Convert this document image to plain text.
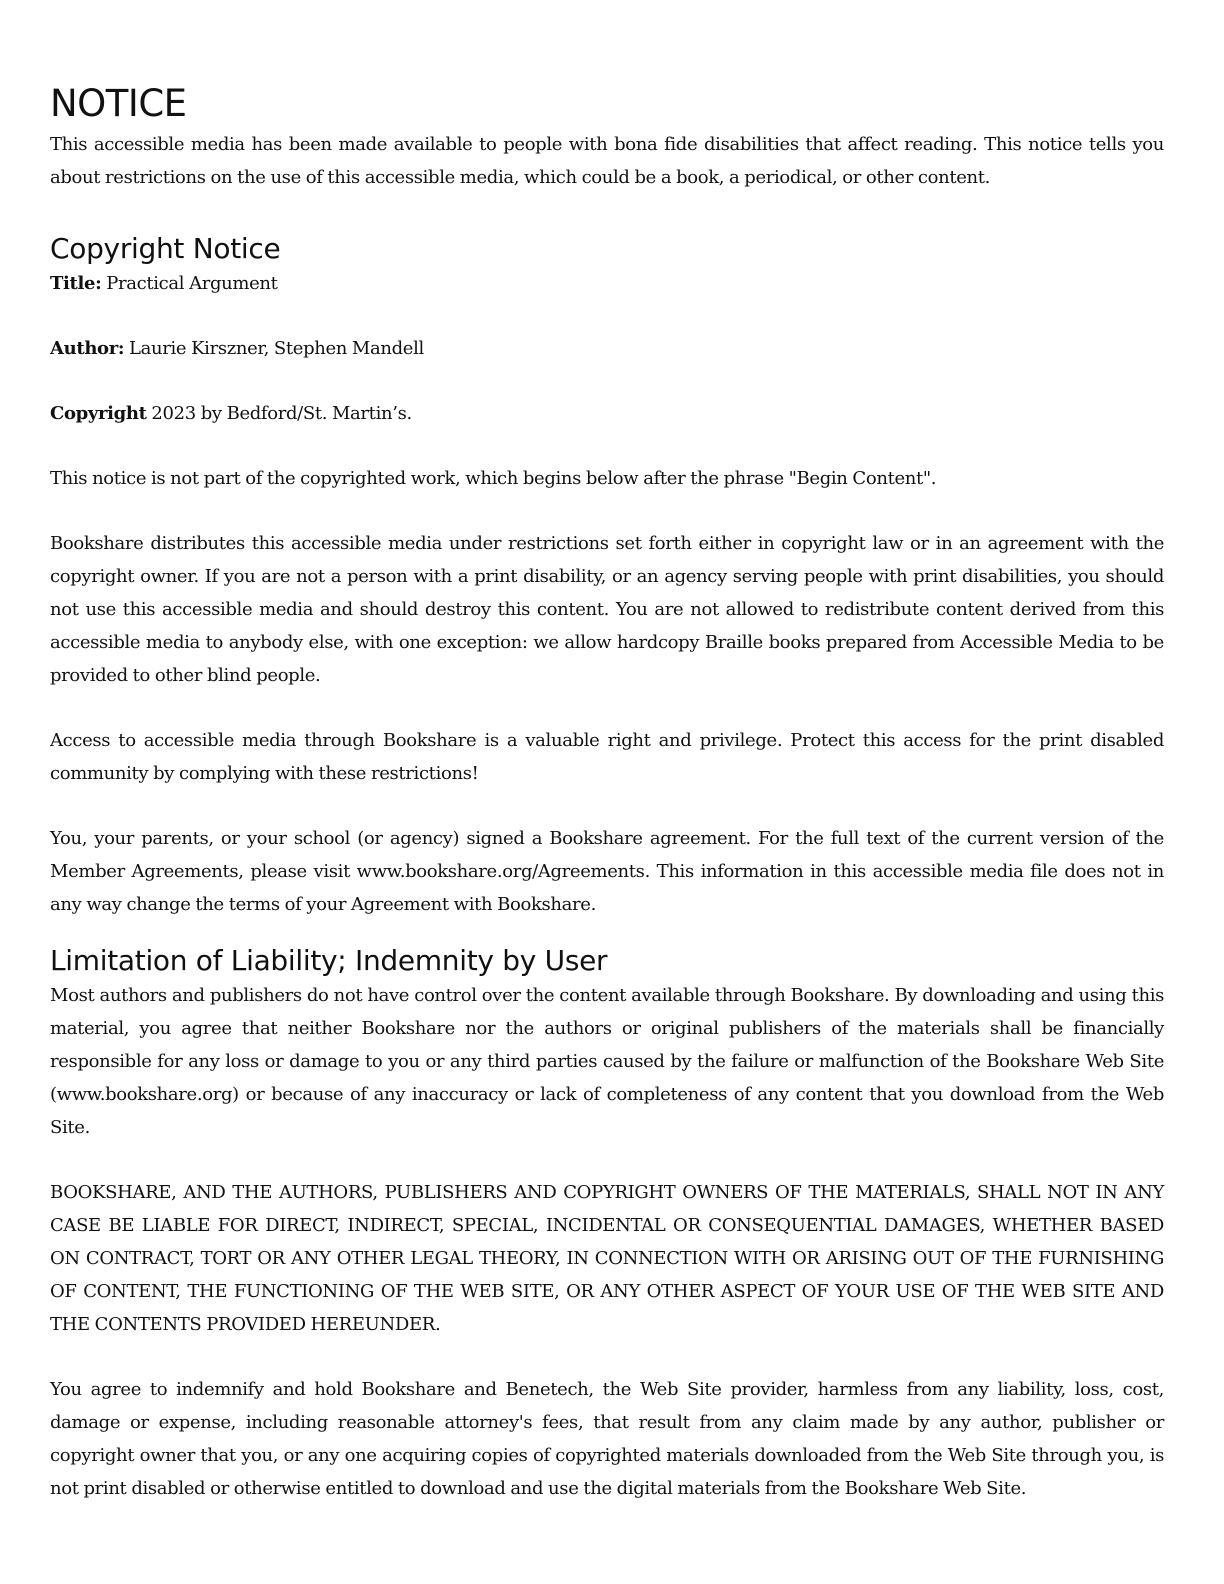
NOTICE

This accessible media has been made available to people with bona fide disabilities that affect reading. This notice tells you about restrictions on the use of this accessible media, which could be a book, a periodical, or other content.

Copyright Notice

Title: Practical Argument

Author: Laurie Kirszner, Stephen Mandell

Copyright 2023 by Bedford/St. Martin’s.

This notice is not part of the copyrighted work, which begins below after the phrase "Begin Content".

Bookshare distributes this accessible media under restrictions set forth either in copyright law or in an agreement with the copyright owner. If you are not a person with a print disability, or an agency serving people with print disabilities, you should not use this accessible media and should destroy this content. You are not allowed to redistribute content derived from this accessible media to anybody else, with one exception: we allow hardcopy Braille books prepared from Accessible Media to be provided to other blind people.

Access to accessible media through Bookshare is a valuable right and privilege. Protect this access for the print disabled community by complying with these restrictions!

You, your parents, or your school (or agency) signed a Bookshare agreement. For the full text of the current version of the Member Agreements, please visit www.bookshare.org/Agreements. This information in this accessible media file does not in any way change the terms of your Agreement with Bookshare.

Limitation of Liability; Indemnity by User

Most authors and publishers do not have control over the content available through Bookshare. By downloading and using this material, you agree that neither Bookshare nor the authors or original publishers of the materials shall be financially responsible for any loss or damage to you or any third parties caused by the failure or malfunction of the Bookshare Web Site (www.bookshare.org) or because of any inaccuracy or lack of completeness of any content that you download from the Web Site.

BOOKSHARE, AND THE AUTHORS, PUBLISHERS AND COPYRIGHT OWNERS OF THE MATERIALS, SHALL NOT IN ANY CASE BE LIABLE FOR DIRECT, INDIRECT, SPECIAL, INCIDENTAL OR CONSEQUENTIAL DAMAGES, WHETHER BASED ON CONTRACT, TORT OR ANY OTHER LEGAL THEORY, IN CONNECTION WITH OR ARISING OUT OF THE FURNISHING OF CONTENT, THE FUNCTIONING OF THE WEB SITE, OR ANY OTHER ASPECT OF YOUR USE OF THE WEB SITE AND THE CONTENTS PROVIDED HEREUNDER.

You agree to indemnify and hold Bookshare and Benetech, the Web Site provider, harmless from any liability, loss, cost, damage or expense, including reasonable attorney's fees, that result from any claim made by any author, publisher or copyright owner that you, or any one acquiring copies of copyrighted materials downloaded from the Web Site through you, is not print disabled or otherwise entitled to download and use the digital materials from the Bookshare Web Site.
